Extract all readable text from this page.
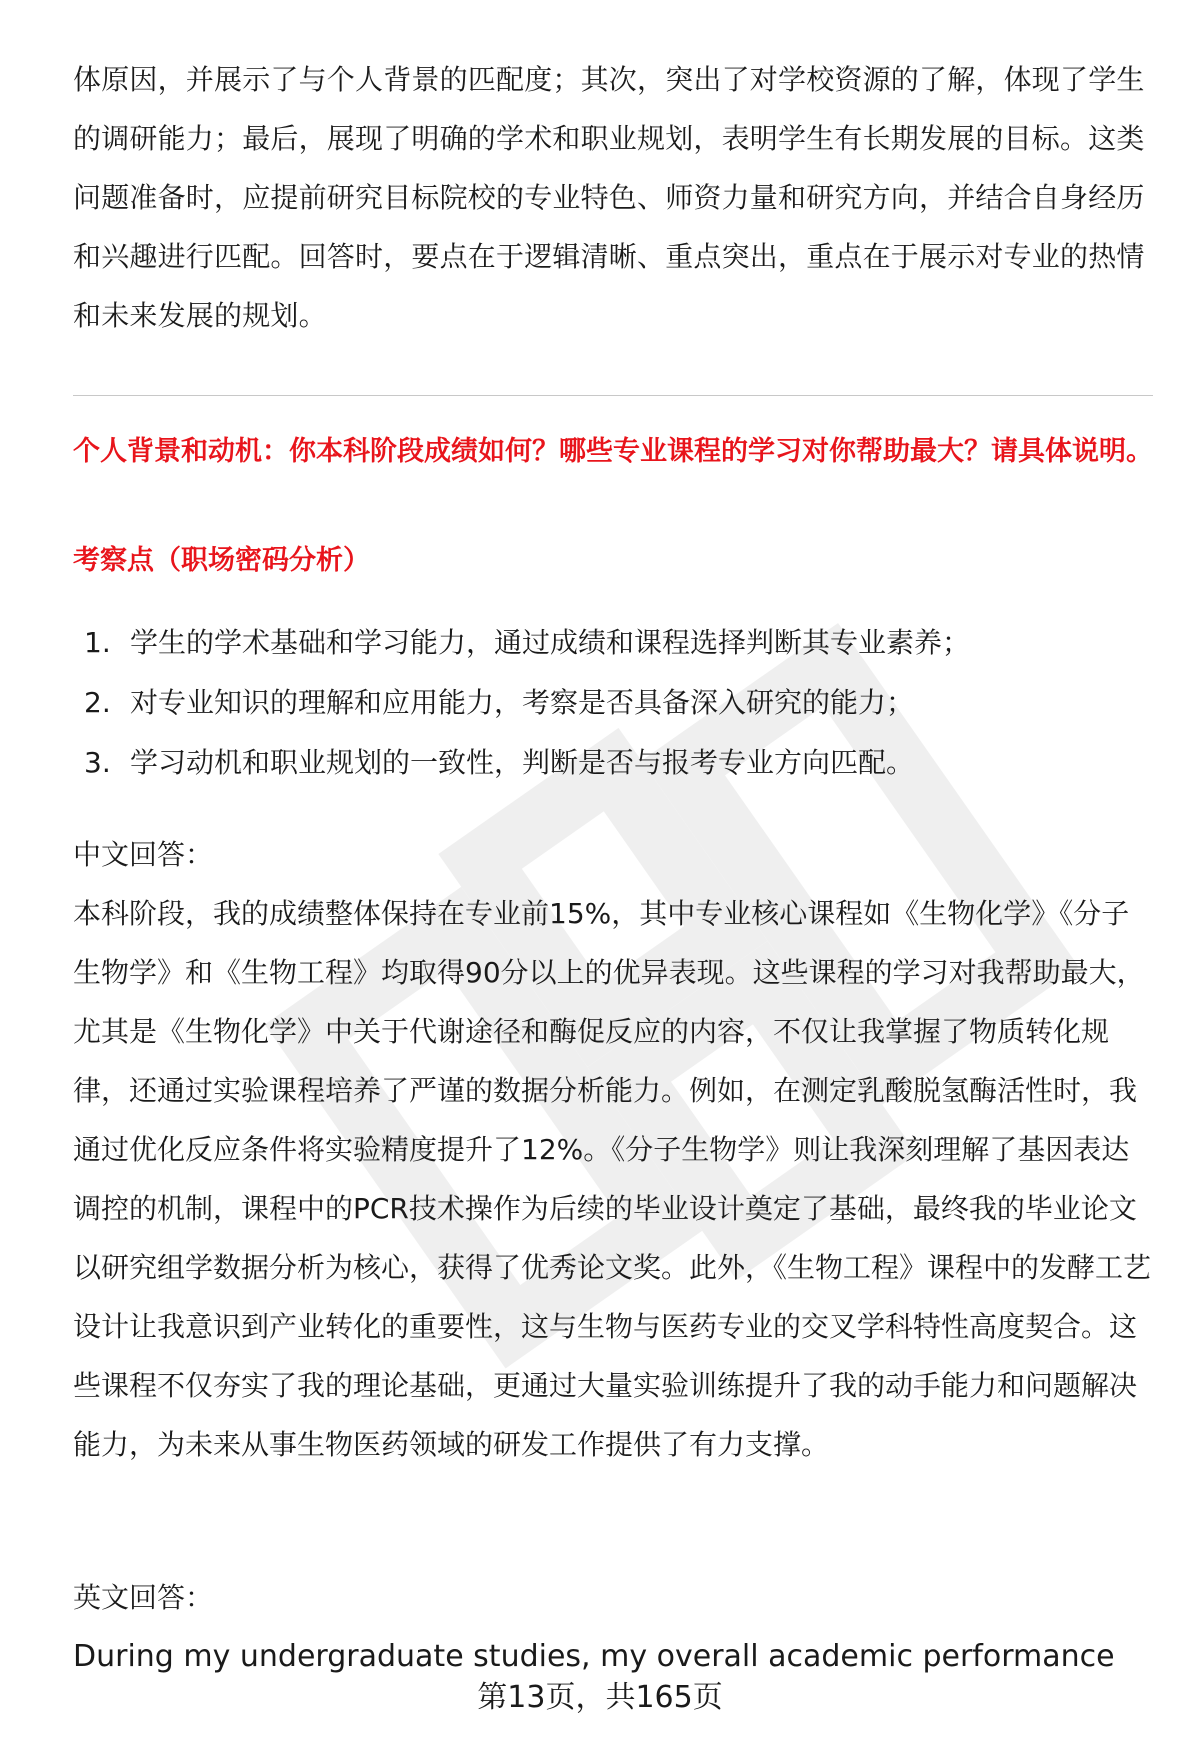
体原因，并展示了与个人背景的匹配度；其次，突出了对学校资源的了解，体现了学生的调研能力；最后，展现了明确的学术和职业规划，表明学生有长期发展的目标。这类问题准备时，应提前研究目标院校的专业特色、师资力量和研究方向，并结合自身经历和兴趣进行匹配。回答时，要点在于逻辑清晰、重点突出，重点在于展示对专业的热情和未来发展的规划。

个人背景和动机：你本科阶段成绩如何？哪些专业课程的学习对你帮助最大？请具体说明。

考察点（职场密码分析）

1. 学生的学术基础和学习能力，通过成绩和课程选择判断其专业素养；
2. 对专业知识的理解和应用能力，考察是否具备深入研究的能力；
3. 学习动机和职业规划的一致性，判断是否与报考专业方向匹配。

中文回答：

本科阶段，我的成绩整体保持在专业前15%，其中专业核心课程如《生物化学》《分子生物学》和《生物工程》均取得90分以上的优异表现。这些课程的学习对我帮助最大，尤其是《生物化学》中关于代谢途径和酶促反应的内容，不仅让我掌握了物质转化规律，还通过实验课程培养了严谨的数据分析能力。例如，在测定乳酸脱氢酶活性时，我通过优化反应条件将实验精度提升了12%。《分子生物学》则让我深刻理解了基因表达调控的机制，课程中的PCR技术操作为后续的毕业设计奠定了基础，最终我的毕业论文以研究组学数据分析为核心，获得了优秀论文奖。此外，《生物工程》课程中的发酵工艺设计让我意识到产业转化的重要性，这与生物与医药专业的交叉学科特性高度契合。这些课程不仅夯实了我的理论基础，更通过大量实验训练提升了我的动手能力和问题解决能力，为未来从事生物医药领域的研发工作提供了有力支撑。

英文回答：

During my undergraduate studies, my overall academic performance

第13页，共165页
